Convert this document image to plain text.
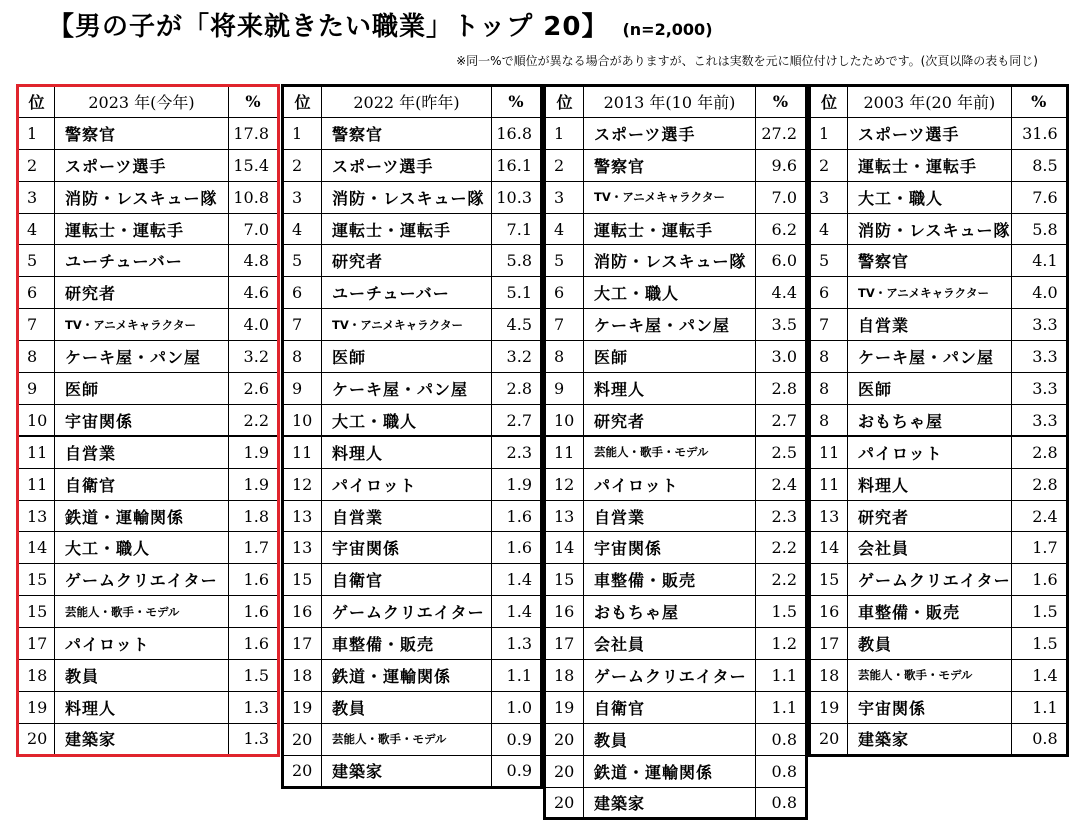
【男の子が「将来就きたい職業」トップ 20】 (n=2,000)
※同一%で順位が異なる場合がありますが、これは実数を元に順位付けしたためです。(次頁以降の表も同じ)
位	2023 年(今年)	%
1	警察官	17.8
2	スポーツ選手	15.4
3	消防・レスキュー隊	10.8
4	運転士・運転手	7.0
5	ユーチューバー	4.8
6	研究者	4.6
7	TV・アニメキャラクター	4.0
8	ケーキ屋・パン屋	3.2
9	医師	2.6
10	宇宙関係	2.2
11	自営業	1.9
11	自衛官	1.9
13	鉄道・運輸関係	1.8
14	大工・職人	1.7
15	ゲームクリエイター	1.6
15	芸能人・歌手・モデル	1.6
17	パイロット	1.6
18	教員	1.5
19	料理人	1.3
20	建築家	1.3
位	2022 年(昨年)	%
1	警察官	16.8
2	スポーツ選手	16.1
3	消防・レスキュー隊	10.3
4	運転士・運転手	7.1
5	研究者	5.8
6	ユーチューバー	5.1
7	TV・アニメキャラクター	4.5
8	医師	3.2
9	ケーキ屋・パン屋	2.8
10	大工・職人	2.7
11	料理人	2.3
12	パイロット	1.9
13	自営業	1.6
13	宇宙関係	1.6
15	自衛官	1.4
16	ゲームクリエイター	1.4
17	車整備・販売	1.3
18	鉄道・運輸関係	1.1
19	教員	1.0
20	芸能人・歌手・モデル	0.9
20	建築家	0.9
位	2013 年(10 年前)	%
1	スポーツ選手	27.2
2	警察官	9.6
3	TV・アニメキャラクター	7.0
4	運転士・運転手	6.2
5	消防・レスキュー隊	6.0
6	大工・職人	4.4
7	ケーキ屋・パン屋	3.5
8	医師	3.0
9	料理人	2.8
10	研究者	2.7
11	芸能人・歌手・モデル	2.5
12	パイロット	2.4
13	自営業	2.3
14	宇宙関係	2.2
15	車整備・販売	2.2
16	おもちゃ屋	1.5
17	会社員	1.2
18	ゲームクリエイター	1.1
19	自衛官	1.1
20	教員	0.8
20	鉄道・運輸関係	0.8
20	建築家	0.8
位	2003 年(20 年前)	%
1	スポーツ選手	31.6
2	運転士・運転手	8.5
3	大工・職人	7.6
4	消防・レスキュー隊	5.8
5	警察官	4.1
6	TV・アニメキャラクター	4.0
7	自営業	3.3
8	ケーキ屋・パン屋	3.3
8	医師	3.3
8	おもちゃ屋	3.3
11	パイロット	2.8
11	料理人	2.8
13	研究者	2.4
14	会社員	1.7
15	ゲームクリエイター	1.6
16	車整備・販売	1.5
17	教員	1.5
18	芸能人・歌手・モデル	1.4
19	宇宙関係	1.1
20	建築家	0.8
